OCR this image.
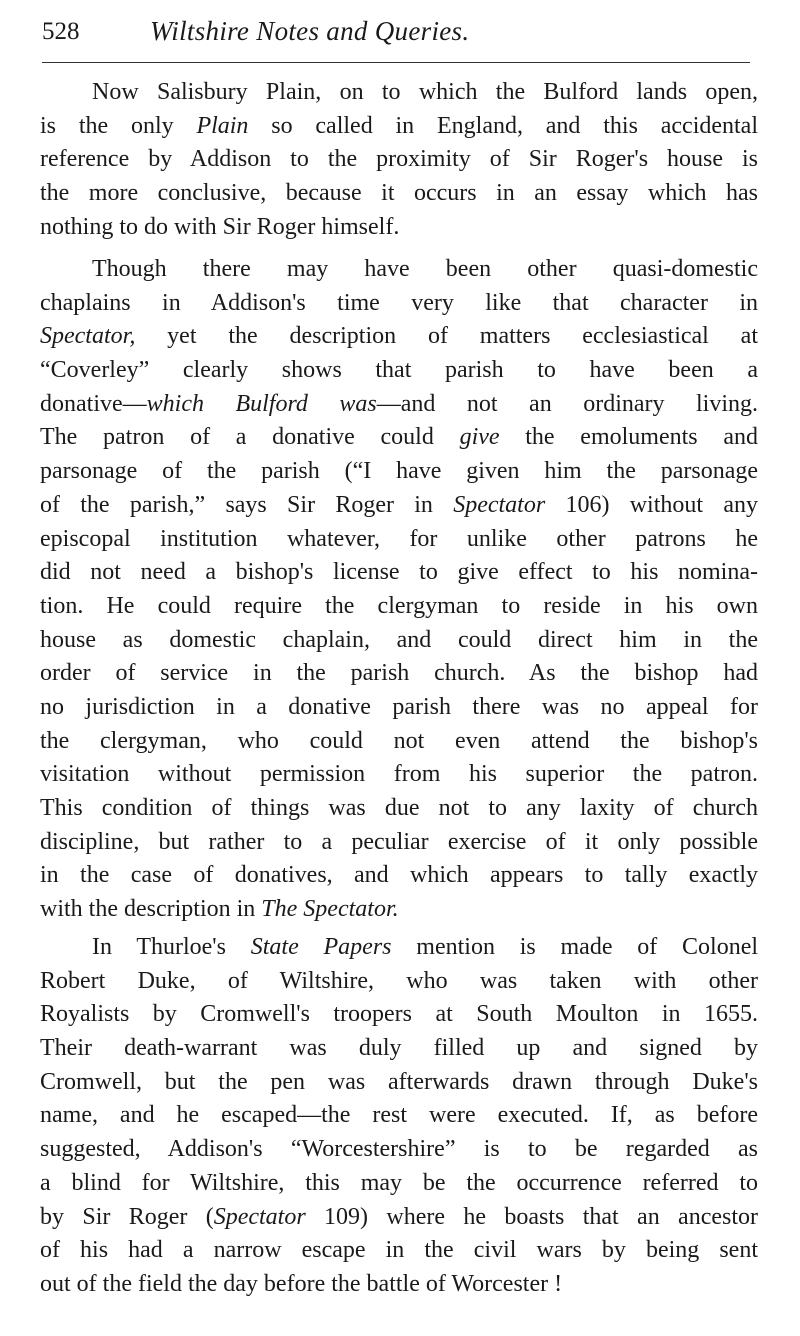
528	Wiltshire Notes and Queries.
Now Salisbury Plain, on to which the Bulford lands open,
is the only Plain so called in England, and this accidental
reference by Addison to the proximity of Sir Roger's house is
the more conclusive, because it occurs in an essay which has
nothing to do with Sir Roger himself.
Though there may have been other quasi-domestic
chaplains in Addison's time very like that character in
Spectator, yet the description of matters ecclesiastical at
“Coverley” clearly shows that parish to have been a
donative—which Bulford was—and not an ordinary living.
The patron of a donative could give the emoluments and
parsonage of the parish (“I have given him the parsonage
of the parish,” says Sir Roger in Spectator 106) without any
episcopal institution whatever, for unlike other patrons he
did not need a bishop's license to give effect to his nomina-
tion. He could require the clergyman to reside in his own
house as domestic chaplain, and could direct him in the
order of service in the parish church. As the bishop had
no jurisdiction in a donative parish there was no appeal for
the clergyman, who could not even attend the bishop's
visitation without permission from his superior the patron.
This condition of things was due not to any laxity of church
discipline, but rather to a peculiar exercise of it only possible
in the case of donatives, and which appears to tally exactly
with the description in The Spectator.
In Thurloe's State Papers mention is made of Colonel
Robert Duke, of Wiltshire, who was taken with other
Royalists by Cromwell's troopers at South Moulton in 1655.
Their death-warrant was duly filled up and signed by
Cromwell, but the pen was afterwards drawn through Duke's
name, and he escaped—the rest were executed. If, as before
suggested, Addison's “Worcestershire” is to be regarded as
a blind for Wiltshire, this may be the occurrence referred to
by Sir Roger (Spectator 109) where he boasts that an ancestor
of his had a narrow escape in the civil wars by being sent
out of the field the day before the battle of Worcester !
